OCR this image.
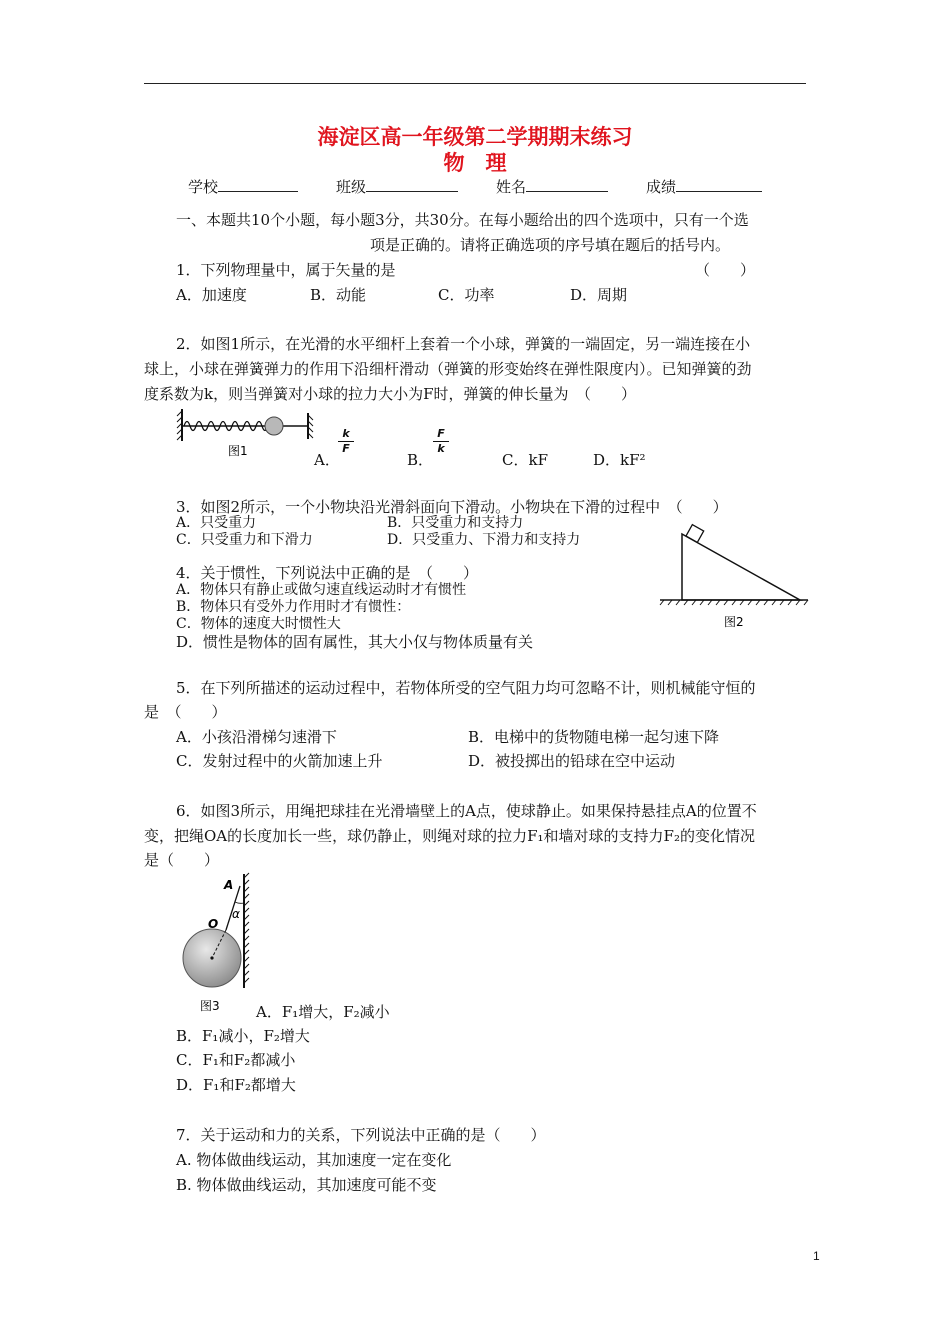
海淀区高一年级第二学期期末练习
物　理
学校	班级	姓名	成绩
一、本题共10个小题，每小题3分，共30分。在每小题给出的四个选项中，只有一个选
项是正确的。请将正确选项的序号填在题后的括号内。
1．下列物理量中，属于矢量的是	（　　）
A．加速度	B．动能	C．功率	D．周期
2．如图1所示，在光滑的水平细杆上套着一个小球，弹簧的一端固定，另一端连接在小
球上，小球在弹簧弹力的作用下沿细杆滑动（弹簧的形变始终在弹性限度内）。已知弹簧的劲
度系数为k，则当弹簧对小球的拉力大小为F时，弹簧的伸长量为　（　　）
图1	A．
k
F
B．
F
k
C．kF	D．kF²
3．如图2所示，一个小物块沿光滑斜面向下滑动。小物块在下滑的过程中　（　　）
A．只受重力	B．只受重力和支持力
C．只受重力和下滑力	D．只受重力、下滑力和支持力
图2
4．关于惯性，下列说法中正确的是　（　　）
A．物体只有静止或做匀速直线运动时才有惯性
B．物体只有受外力作用时才有惯性：
C．物体的速度大时惯性大
D．惯性是物体的固有属性，其大小仅与物体质量有关
5．在下列所描述的运动过程中，若物体所受的空气阻力均可忽略不计，则机械能守恒的
是　（　　）
A．小孩沿滑梯匀速滑下	B．电梯中的货物随电梯一起匀速下降
C．发射过程中的火箭加速上升	D．被投掷出的铅球在空中运动
6．如图3所示，用绳把球挂在光滑墙壁上的A点，使球静止。如果保持悬挂点A的位置不
变，把绳OA的长度加长一些，球仍静止，则绳对球的拉力F₁和墙对球的支持力F₂的变化情况
是（　　）
A
O
α
图3 A．F₁增大，F₂减小
B．F₁减小，F₂增大
C．F₁和F₂都减小
D．F₁和F₂都增大
7．关于运动和力的关系，下列说法中正确的是（　　）
A. 物体做曲线运动，其加速度一定在变化
B. 物体做曲线运动，其加速度可能不变
1
